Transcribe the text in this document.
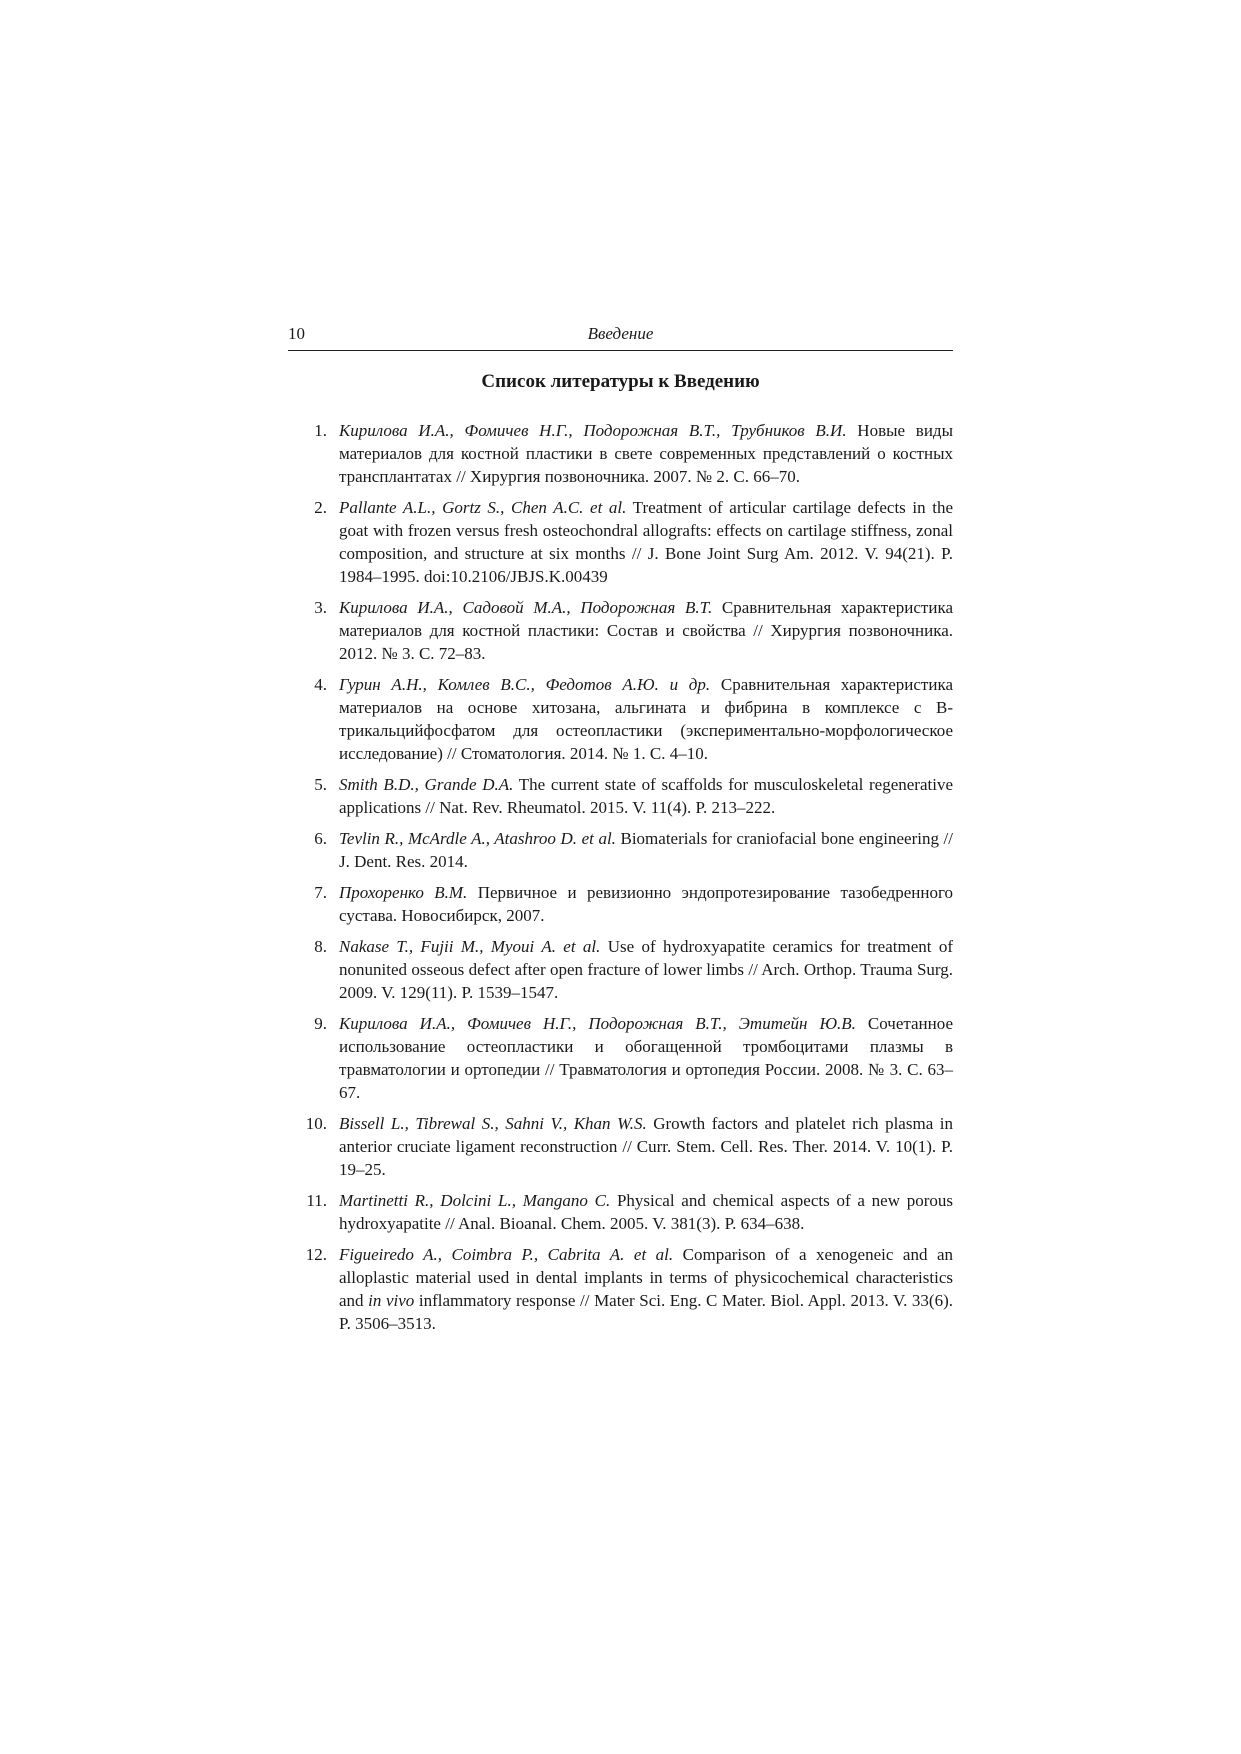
10	Введение
Список литературы к Введению
1. Кирилова И.А., Фомичев Н.Г., Подорожная В.Т., Трубников В.И. Новые виды материалов для костной пластики в свете современных представлений о костных трансплантатах // Хирургия позвоночника. 2007. № 2. С. 66–70.
2. Pallante A.L., Gortz S., Chen A.C. et al. Treatment of articular cartilage defects in the goat with frozen versus fresh osteochondral allografts: effects on cartilage stiffness, zonal composition, and structure at six months // J. Bone Joint Surg Am. 2012. V. 94(21). P. 1984–1995. doi:10.2106/JBJS.K.00439
3. Кирилова И.А., Садовой М.А., Подорожная В.Т. Сравнительная характеристика материалов для костной пластики: Состав и свойства // Хирургия позвоночника. 2012. № 3. С. 72–83.
4. Гурин А.Н., Комлев В.С., Федотов А.Ю. и др. Сравнительная характеристика материалов на основе хитозана, альгината и фибрина в комплексе с В-трикальцийфосфатом для остеопластики (экспериментально-морфологическое исследование) // Стоматология. 2014. № 1. С. 4–10.
5. Smith B.D., Grande D.A. The current state of scaffolds for musculoskeletal regenerative applications // Nat. Rev. Rheumatol. 2015. V. 11(4). P. 213–222.
6. Tevlin R., McArdle A., Atashroo D. et al. Biomaterials for craniofacial bone engineering // J. Dent. Res. 2014.
7. Прохоренко В.М. Первичное и ревизионно эндопротезирование тазобедренного сустава. Новосибирск, 2007.
8. Nakase T., Fujii M., Myoui A. et al. Use of hydroxyapatite ceramics for treatment of nonunited osseous defect after open fracture of lower limbs // Arch. Orthop. Trauma Surg. 2009. V. 129(11). P. 1539–1547.
9. Кирилова И.А., Фомичев Н.Г., Подорожная В.Т., Этитейн Ю.В. Сочетанное использование остеопластики и обогащенной тромбоцитами плазмы в травматологии и ортопедии // Травматология и ортопедия России. 2008. № 3. С. 63–67.
10. Bissell L., Tibrewal S., Sahni V., Khan W.S. Growth factors and platelet rich plasma in anterior cruciate ligament reconstruction // Curr. Stem. Cell. Res. Ther. 2014. V. 10(1). P. 19–25.
11. Martinetti R., Dolcini L., Mangano C. Physical and chemical aspects of a new porous hydroxyapatite // Anal. Bioanal. Chem. 2005. V. 381(3). P. 634–638.
12. Figueiredo A., Coimbra P., Cabrita A. et al. Comparison of a xenogeneic and an alloplastic material used in dental implants in terms of physicochemical characteristics and in vivo inflammatory response // Mater Sci. Eng. C Mater. Biol. Appl. 2013. V. 33(6). P. 3506–3513.
